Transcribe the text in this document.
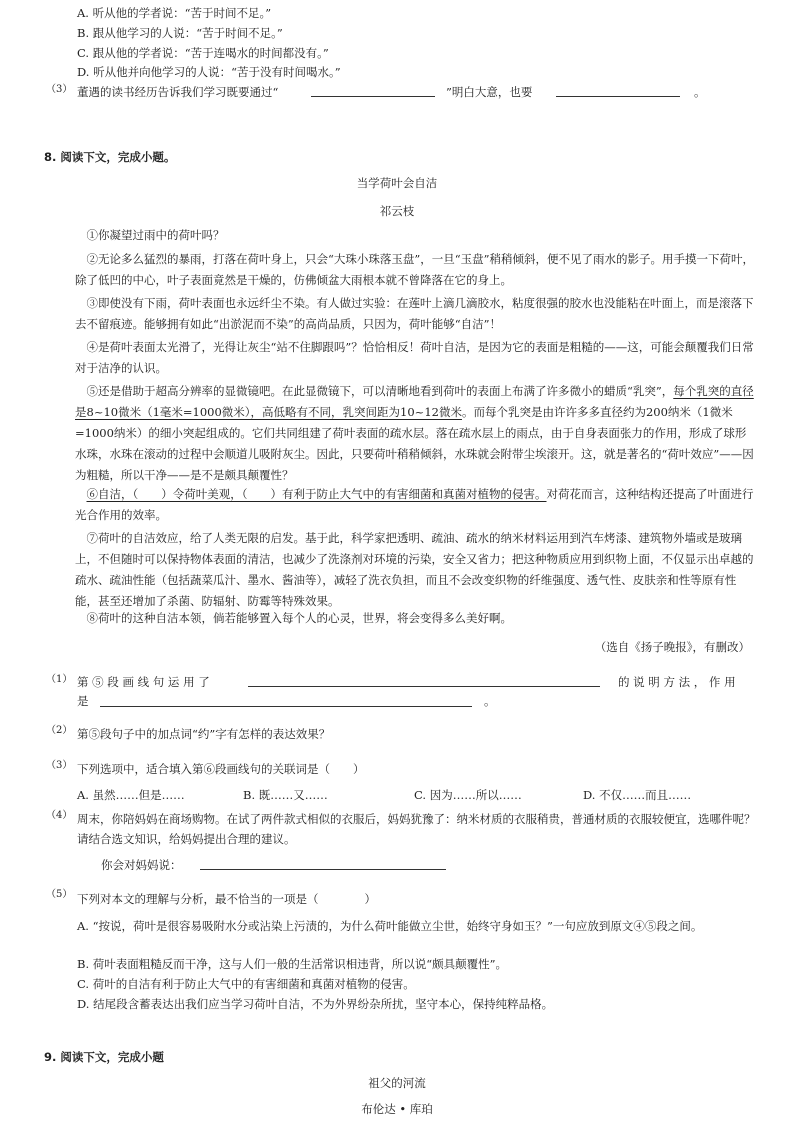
A. 听从他的学者说：“苦于时间不足。”
B. 跟从他学习的人说：“苦于时间不足。”
C. 跟从他的学者说：“苦于连喝水的时间都没有。”
D. 听从他并向他学习的人说：“苦于没有时间喝水。”
（3） 董遇的读书经历告诉我们学习既要通过“	”明白大意，也要	。
8. 阅读下文，完成小题。
当学荷叶会自洁
祁云枝
①你凝望过雨中的荷叶吗？
②无论多么猛烈的暴雨，打落在荷叶身上，只会“大珠小珠落玉盘”，一旦“玉盘”稍稍倾斜，便不见了雨水的影子。用手摸一下荷叶，除了低凹的中心，叶子表面竟然是干燥的，仿佛倾盆大雨根本就不曾降落在它的身上。
③即使没有下雨，荷叶表面也永远纤尘不染。有人做过实验：在莲叶上滴几滴胶水，粘度很强的胶水也没能粘在叶面上，而是滚落下去不留痕迹。能够拥有如此“出淤泥而不染”的高尚品质，只因为，荷叶能够“自洁”！
④是荷叶表面太光滑了，光得让灰尘“站不住脚跟吗”？恰恰相反！荷叶自洁，是因为它的表面是粗糙的——这，可能会颠覆我们日常对于洁净的认识。
⑤还是借助于超高分辨率的显微镜吧。在此显微镜下，可以清晰地看到荷叶的表面上布满了许多微小的蜡质“乳突”，每个乳突的直径是8~10微米（1毫米=1000微米），高低略有不同，乳突间距为10~12微米。而每个乳突是由许许多多直径约为200纳米（1微米=1000纳米）的细小突起组成的。它们共同组建了荷叶表面的疏水层。落在疏水层上的雨点，由于自身表面张力的作用，形成了球形水珠，水珠在滚动的过程中会顺道儿吸附灰尘。因此，只要荷叶稍稍倾斜，水珠就会附带尘埃滚开。这，就是著名的“荷叶效应”——因为粗糙，所以干净——是不是颇具颠覆性？
⑥自洁，（　　）令荷叶美观，（　　）有利于防止大气中的有害细菌和真菌对植物的侵害。对荷花而言，这种结构还提高了叶面进行光合作用的效率。
⑦荷叶的自洁效应，给了人类无限的启发。基于此，科学家把透明、疏油、疏水的纳米材料运用到汽车烤漆、建筑物外墙或是玻璃上，不但随时可以保持物体表面的清洁，也减少了洗涤剂对环境的污染，安全又省力；把这种物质应用到织物上面，不仅显示出卓越的疏水、疏油性能（包括蔬菜瓜汁、墨水、酱油等），减轻了洗衣负担，而且不会改变织物的纤维强度、透气性、皮肤亲和性等原有性能，甚至还增加了杀菌、防辐射、防霉等特殊效果。
⑧荷叶的这种自洁本领，倘若能够置入每个人的心灵，世界，将会变得多么美好啊。
（选自《扬子晚报》，有删改）
（1） 第 ⑤ 段 画 线 句 运 用 了	的 说 明 方 法 ， 作 用
是	。
（2） 第⑤段句子中的加点词“约”字有怎样的表达效果？
（3） 下列选项中，适合填入第⑥段画线句的关联词是（　　）
A. 虽然……但是……	B. 既……又……	C. 因为……所以……	D. 不仅……而且……
（4） 周末，你陪妈妈在商场购物。在试了两件款式相似的衣服后，妈妈犹豫了：纳米材质的衣服稍贵，普通材质的衣服较便宜，选哪件呢？请结合选文知识，给妈妈提出合理的建议。
你会对妈妈说：
（5） 下列对本文的理解与分析，最不恰当的一项是（　　　　）
A. “按说，荷叶是很容易吸附水分或沾染上污渍的，为什么荷叶能做立尘世，始终守身如玉？”一句应放到原文④⑤段之间。
B. 荷叶表面粗糙反而干净，这与人们一般的生活常识相违背，所以说“颇具颠覆性”。
C. 荷叶的自洁有利于防止大气中的有害细菌和真菌对植物的侵害。
D. 结尾段含蓄表达出我们应当学习荷叶自洁，不为外界纷杂所扰，坚守本心，保持纯粹品格。
9. 阅读下文，完成小题
祖父的河流
布伦达 • 库珀
